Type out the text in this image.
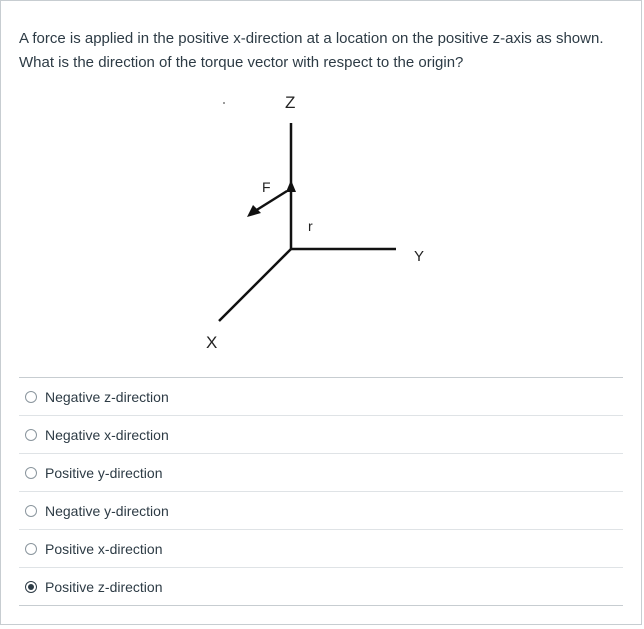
A force is applied in the positive x-direction at a location on the positive z-axis as shown. What is the direction of the torque vector with respect to the origin?
Z
Y
X
F
r
Negative z-direction
Negative x-direction
Positive y-direction
Negative y-direction
Positive x-direction
Positive z-direction
